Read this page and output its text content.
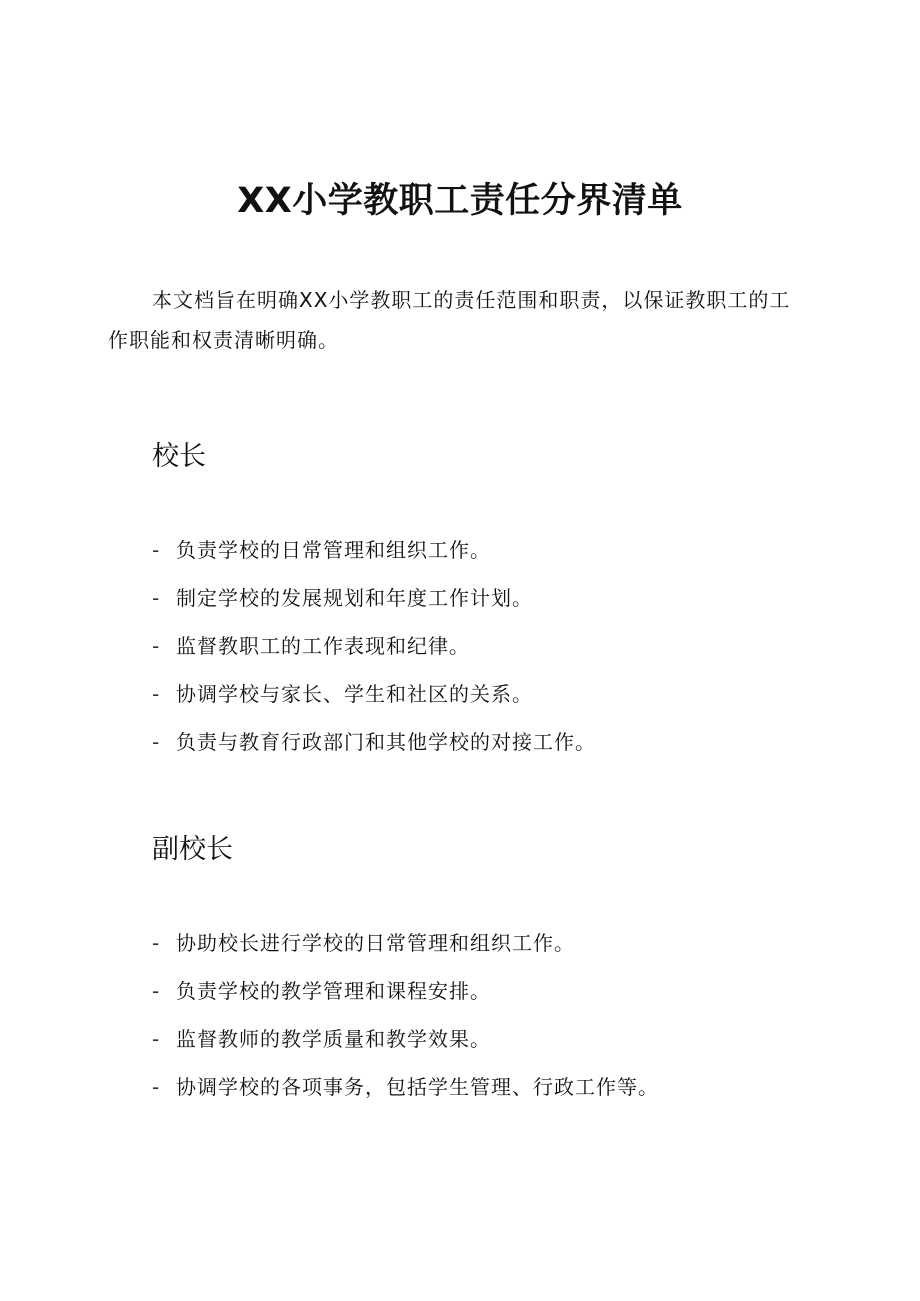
XX小学教职工责任分界清单

本文档旨在明确XX小学教职工的责任范围和职责，以保证教职工的工作职能和权责清晰明确。

校长
- 负责学校的日常管理和组织工作。
- 制定学校的发展规划和年度工作计划。
- 监督教职工的工作表现和纪律。
- 协调学校与家长、学生和社区的关系。
- 负责与教育行政部门和其他学校的对接工作。
副校长
- 协助校长进行学校的日常管理和组织工作。
- 负责学校的教学管理和课程安排。
- 监督教师的教学质量和教学效果。
- 协调学校的各项事务，包括学生管理、行政工作等。
